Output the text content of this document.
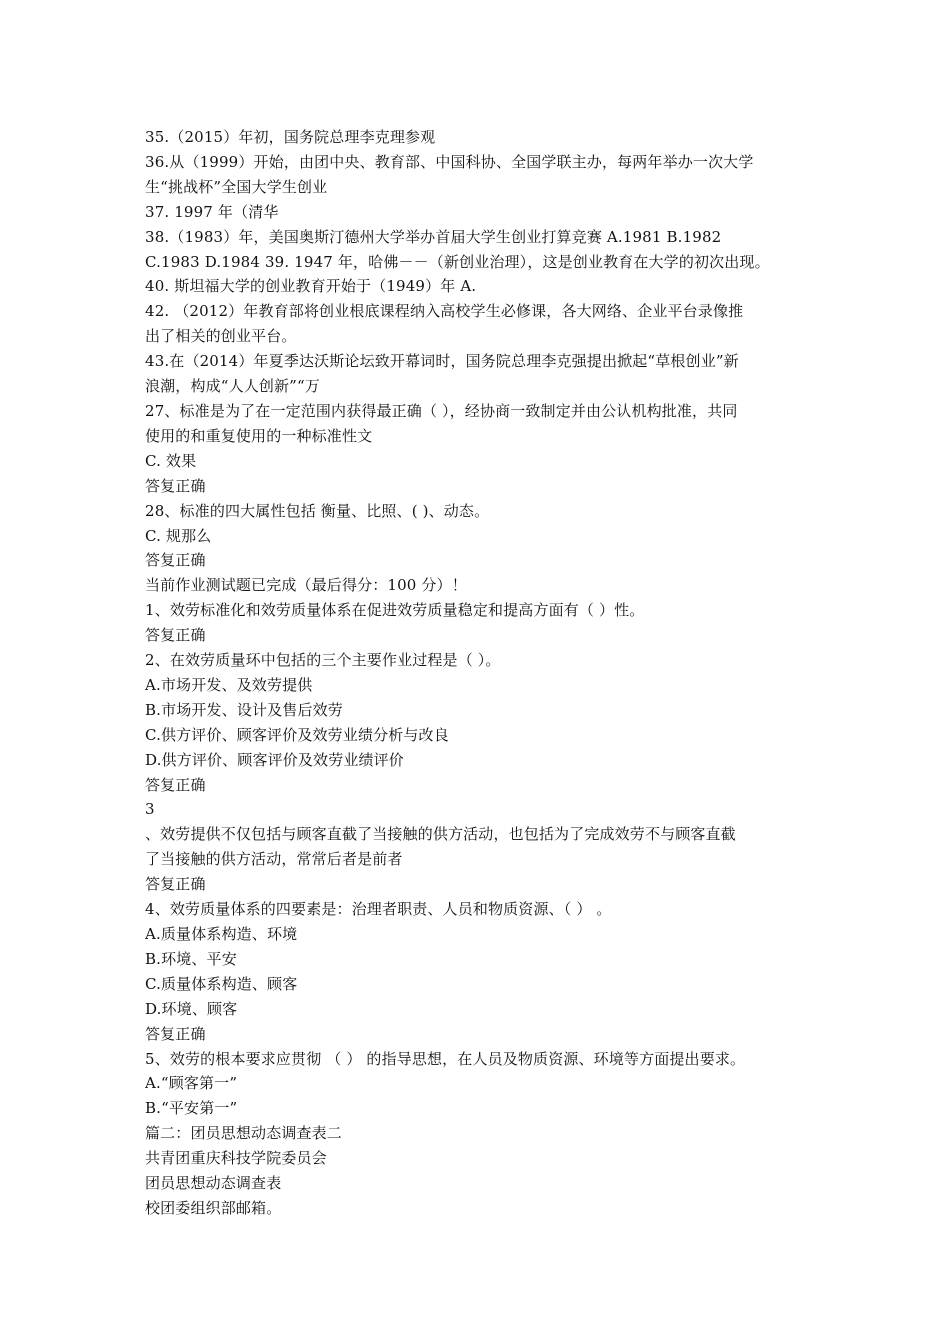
35.（2015）年初，国务院总理李克理参观

36.从（1999）开始，由团中央、教育部、中国科协、全国学联主办，每两年举办一次大学

生“挑战杯”全国大学生创业

37. 1997 年（清华

38.（1983）年，美国奥斯汀德州大学举办首届大学生创业打算竞赛 A.1981 B.1982

C.1983 D.1984 39. 1947 年，哈佛－－（新创业治理），这是创业教育在大学的初次出现。

40. 斯坦福大学的创业教育开始于（1949）年 A.

42. （2012）年教育部将创业根底课程纳入高校学生必修课，各大网络、企业平台录像推

出了相关的创业平台。

43.在（2014）年夏季达沃斯论坛致开幕词时，国务院总理李克强提出掀起“草根创业”新

浪潮，构成“人人创新”“万

27、标准是为了在一定范围内获得最正确（ ），经协商一致制定并由公认机构批准，共同

使用的和重复使用的一种标准性文

C. 效果

答复正确

28、标准的四大属性包括 衡量、比照、( )、动态。

C. 规那么

答复正确

当前作业测试题已完成（最后得分：100 分）！

1、效劳标准化和效劳质量体系在促进效劳质量稳定和提高方面有（ ）性。

答复正确

2、在效劳质量环中包括的三个主要作业过程是（ ）。

A.市场开发、及效劳提供

B.市场开发、设计及售后效劳

C.供方评价、顾客评价及效劳业绩分析与改良

D.供方评价、顾客评价及效劳业绩评价

答复正确

3

、效劳提供不仅包括与顾客直截了当接触的供方活动，也包括为了完成效劳不与顾客直截

了当接触的供方活动，常常后者是前者

答复正确

4、效劳质量体系的四要素是：治理者职责、人员和物质资源、（ ） 。

A.质量体系构造、环境

B.环境、平安

C.质量体系构造、顾客

D.环境、顾客

答复正确

5、效劳的根本要求应贯彻 （ ） 的指导思想，在人员及物质资源、环境等方面提出要求。

A.“顾客第一”

B.“平安第一”

篇二：团员思想动态调查表二

共青团重庆科技学院委员会

团员思想动态调查表

校团委组织部邮箱。
